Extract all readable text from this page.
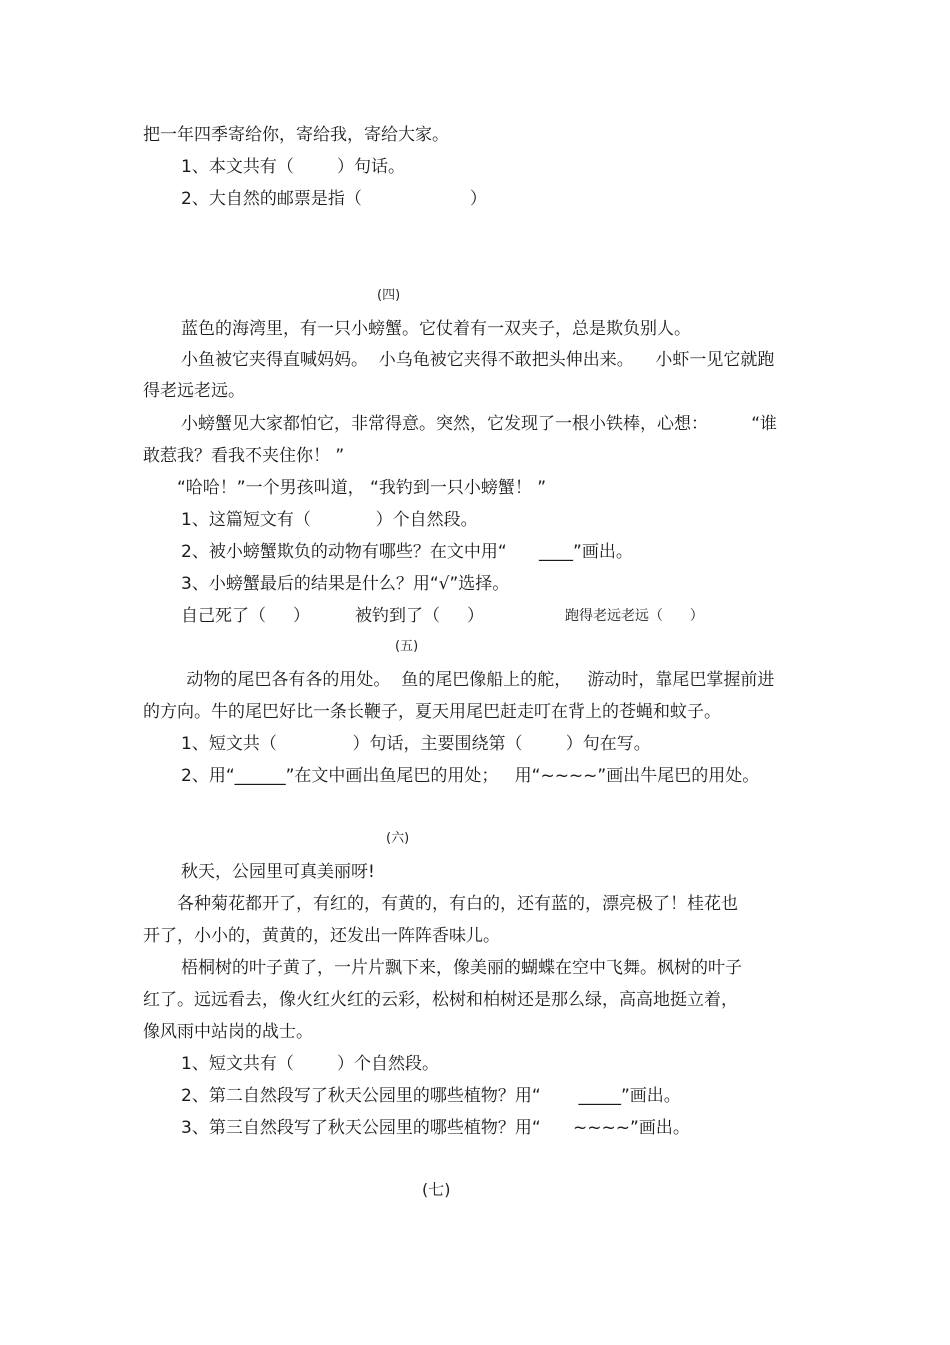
把一年四季寄给你，寄给我，寄给大家。
1、本文共有（        ）句话。
2、大自然的邮票是指（                    ）
(四)
蓝色的海湾里，有一只小螃蟹。它仗着有一双夹子，总是欺负别人。
小鱼被它夹得直喊妈妈。  小乌龟被它夹得不敢把头伸出来。    小虾一见它就跑
得老远老远。
小螃蟹见大家都怕它，非常得意。突然，它发现了一根小铁棒，心想：        “谁
敢惹我？看我不夹住你！ ”
“哈哈！”一个男孩叫道， “我钓到一只小螃蟹！ ”
1、这篇短文有（            ）个自然段。
2、被小螃蟹欺负的动物有哪些？在文中用“      ____”画出。
3、小螃蟹最后的结果是什么？用“√”选择。
自己死了（     ）	被钓到了（     ）	跑得老远老远（      ）
(五)
动物的尾巴各有各的用处。  鱼的尾巴像船上的舵，   游动时，靠尾巴掌握前进
的方向。牛的尾巴好比一条长鞭子，夏天用尾巴赶走叮在背上的苍蝇和蚊子。
1、短文共（              ）句话，主要围绕第（        ）句在写。
2、用“______”在文中画出鱼尾巴的用处；   用“~~~~”画出牛尾巴的用处。
(六)
秋天，公园里可真美丽呀!
各种菊花都开了，有红的，有黄的，有白的，还有蓝的，漂亮极了！桂花也
开了，小小的，黄黄的，还发出一阵阵香味儿。
梧桐树的叶子黄了，一片片飘下来，像美丽的蝴蝶在空中飞舞。枫树的叶子
红了。远远看去，像火红火红的云彩，松树和柏树还是那么绿，高高地挺立着，
像风雨中站岗的战士。
1、短文共有（        ）个自然段。
2、第二自然段写了秋天公园里的哪些植物？用“       _____”画出。
3、第三自然段写了秋天公园里的哪些植物？用“      ~~~~”画出。
(七)
